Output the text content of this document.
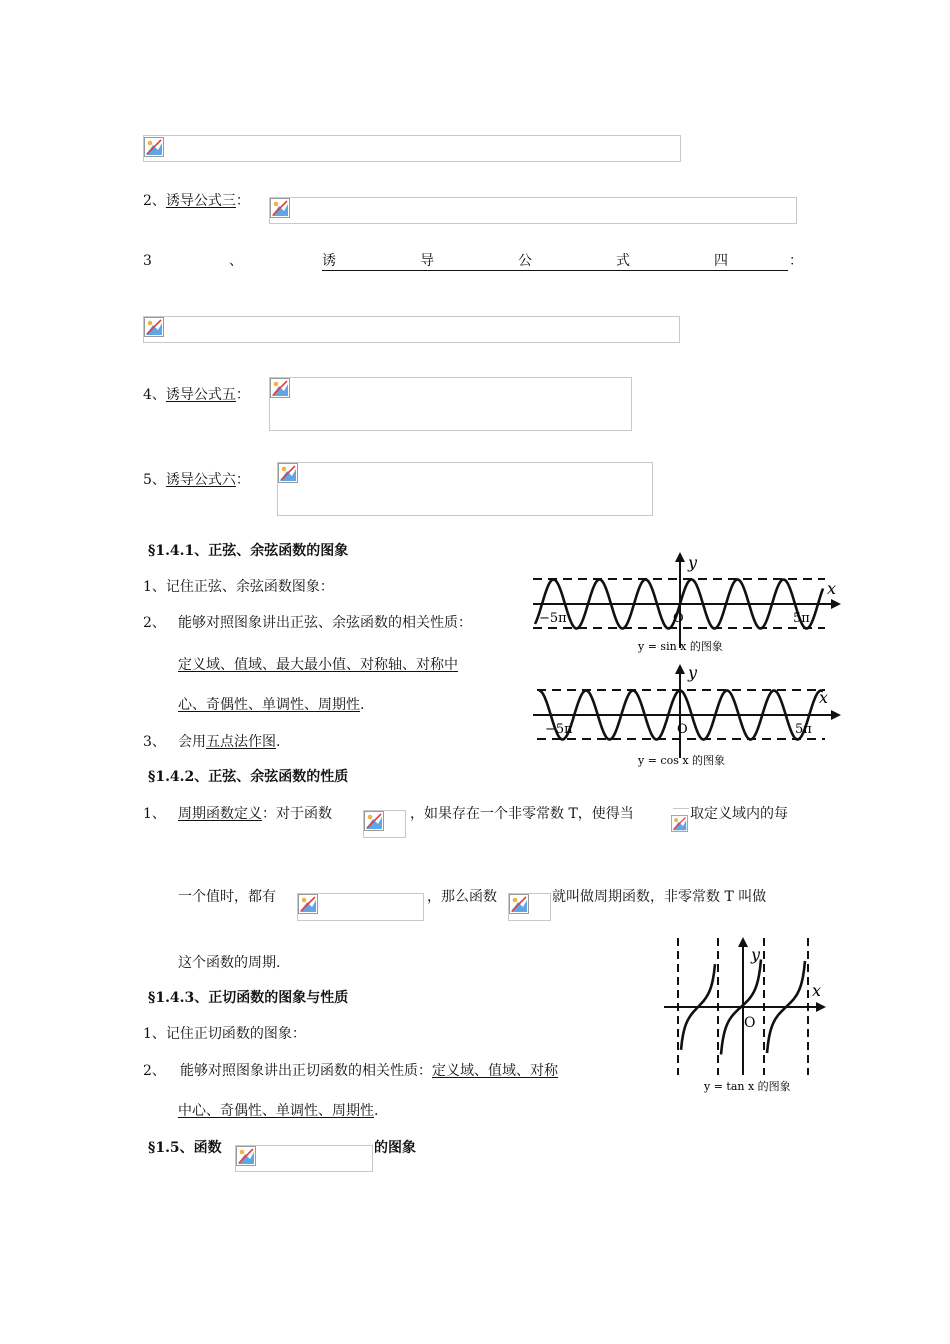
2、诱导公式三：
3	、	诱	导	公	式	四	：
4、诱导公式五：
5、诱导公式六：
§1.4.1、正弦、余弦函数的图象
1、记住正弦、余弦函数图象：
2、 能够对照图象讲出正弦、余弦函数的相关性质：
定义域、值域、最大最小值、对称轴、对称中
心、奇偶性、单调性、周期性.
3、 会用五点法作图.
y
x
O
−5π	5π
y = sin x 的图象
y
x
O
−5π	5π
y = cos x 的图象
§1.4.2、正弦、余弦函数的性质
1、 周期函数定义：对于函数	，如果存在一个非零常数 T，使得当	取定义域内的每
一个值时，都有	，那么函数	就叫做周期函数，非零常数 T 叫做
这个函数的周期.	y
x
O
y = tan x 的图象
§1.4.3、正切函数的图象与性质
1、记住正切函数的图象：
2、 能够对照图象讲出正切函数的相关性质：定义域、值域、对称
中心、奇偶性、单调性、周期性.
§1.5、函数	的图象
